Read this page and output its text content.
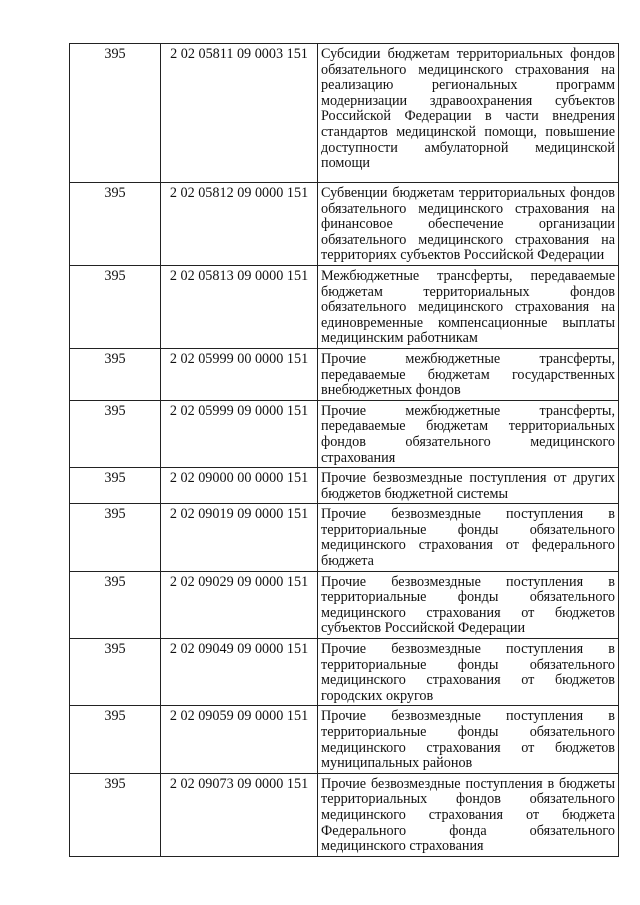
395	2 02 05811 09 0003 151	Субсидии бюджетам территориальных фондов обязательного медицинского страхования на реализацию региональных программ модернизации здравоохранения субъектов Российской Федерации в части внедрения стандартов медицинской помощи, повышение доступности амбулаторной медицинской помощи
395	2 02 05812 09 0000 151	Субвенции бюджетам территориальных фондов обязательного медицинского страхования на финансовое обеспечение организации обязательного медицинского страхования на территориях субъектов Российской Федерации
395	2 02 05813 09 0000 151	Межбюджетные трансферты, передаваемые бюджетам территориальных фондов обязательного медицинского страхования на единовременные компенсационные выплаты медицинским работникам
395	2 02 05999 00 0000 151	Прочие межбюджетные трансферты, передаваемые бюджетам государственных внебюджетных фондов
395	2 02 05999 09 0000 151	Прочие межбюджетные трансферты, передаваемые бюджетам территориальных фондов обязательного медицинского страхования
395	2 02 09000 00 0000 151	Прочие безвозмездные поступления от других бюджетов бюджетной системы
395	2 02 09019 09 0000 151	Прочие безвозмездные поступления в территориальные фонды обязательного медицинского страхования от федерального бюджета
395	2 02 09029 09 0000 151	Прочие безвозмездные поступления в территориальные фонды обязательного медицинского страхования от бюджетов субъектов Российской Федерации
395	2 02 09049 09 0000 151	Прочие безвозмездные поступления в территориальные фонды обязательного медицинского страхования от бюджетов городских округов
395	2 02 09059 09 0000 151	Прочие безвозмездные поступления в территориальные фонды обязательного медицинского страхования от бюджетов муниципальных районов
395	2 02 09073 09 0000 151	Прочие безвозмездные поступления в бюджеты территориальных фондов обязательного медицинского страхования от бюджета Федерального фонда обязательного медицинского страхования
